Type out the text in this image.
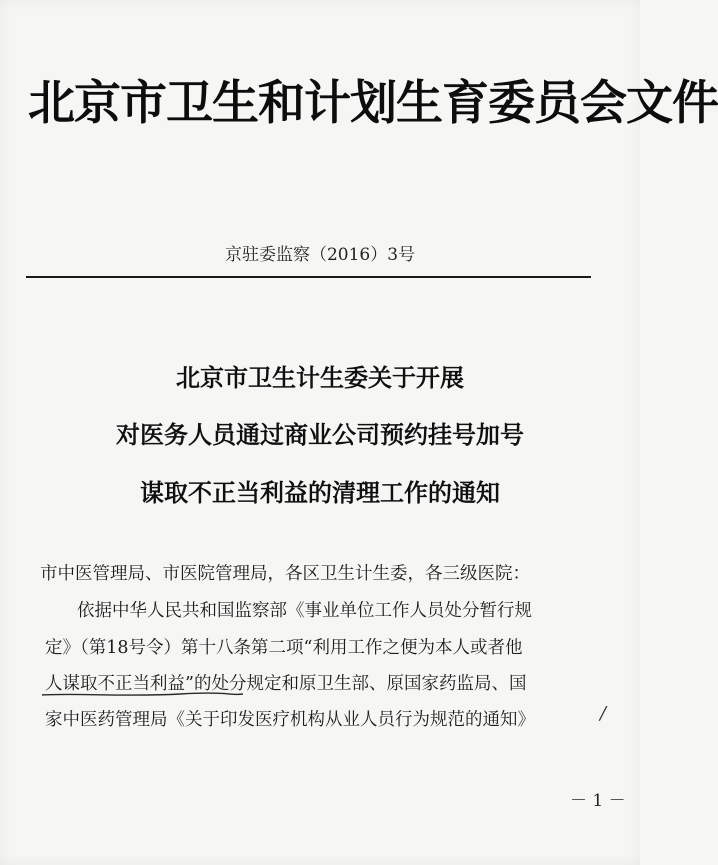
北京市卫生和计划生育委员会文件
京驻委监察（2016）3号
北京市卫生计生委关于开展
对医务人员通过商业公司预约挂号加号
谋取不正当利益的清理工作的通知
市中医管理局、市医院管理局，各区卫生计生委，各三级医院：
依据中华人民共和国监察部《事业单位工作人员处分暂行规
定》（第18号令）第十八条第二项“利用工作之便为本人或者他
人谋取不正当利益”的处分规定和原卫生部、原国家药监局、国
家中医药管理局《关于印发医疗机构从业人员行为规范的通知》	/
－ 1 －
